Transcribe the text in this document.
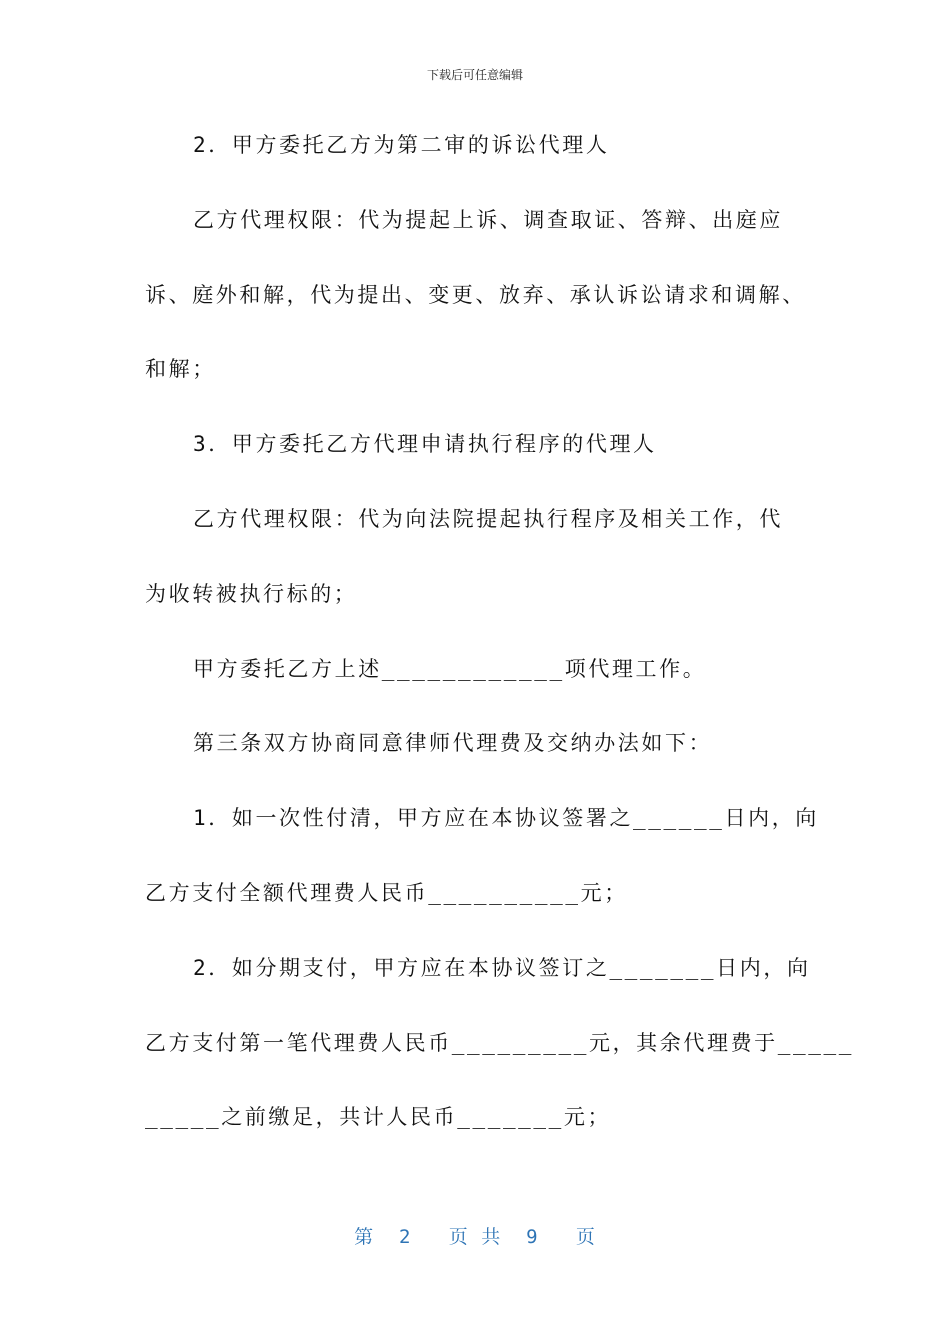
下载后可任意编辑
2．甲方委托乙方为第二审的诉讼代理人
乙方代理权限：代为提起上诉、调查取证、答辩、出庭应
诉、庭外和解，代为提出、变更、放弃、承认诉讼请求和调解、
和解；
3．甲方委托乙方代理申请执行程序的代理人
乙方代理权限：代为向法院提起执行程序及相关工作，代
为收转被执行标的；
甲方委托乙方上述____________项代理工作。
第三条双方协商同意律师代理费及交纳办法如下：
1．如一次性付清，甲方应在本协议签署之______日内，向
乙方支付全额代理费人民币__________元；
2．如分期支付，甲方应在本协议签订之_______日内，向
乙方支付第一笔代理费人民币_________元，其余代理费于_____
_____之前缴足，共计人民币_______元；
第  2   页 共  9   页
